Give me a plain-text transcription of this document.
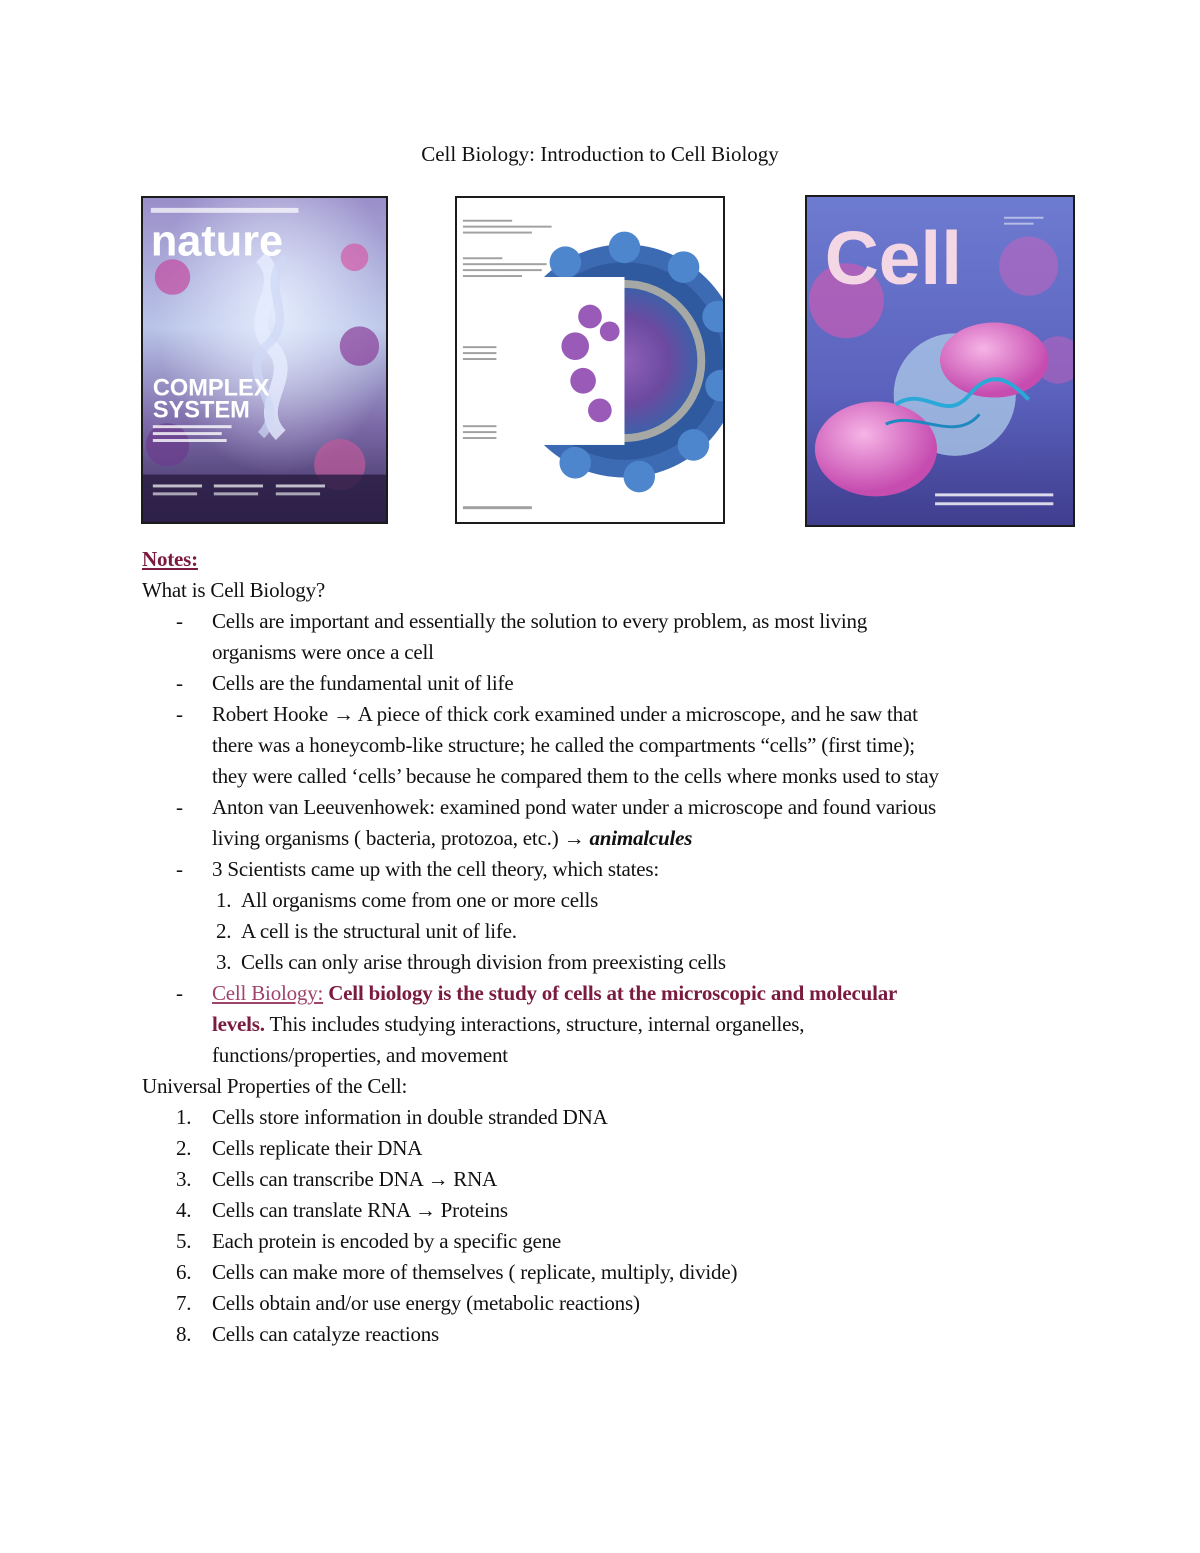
Cell Biology: Introduction to Cell Biology
nature
COMPLEX
SYSTEM
Cell
Notes:
What is Cell Biology?
- Cells are important and essentially the solution to every problem, as most living
organisms were once a cell
- Cells are the fundamental unit of life
- Robert Hooke → A piece of thick cork examined under a microscope, and he saw that
there was a honeycomb-like structure; he called the compartments “cells” (first time);
they were called ‘cells’ because he compared them to the cells where monks used to stay
- Anton van Leeuvenhowek: examined pond water under a microscope and found various
living organisms ( bacteria, protozoa, etc.) → animalcules
- 3 Scientists came up with the cell theory, which states:
1. All organisms come from one or more cells
2. A cell is the structural unit of life.
3. Cells can only arise through division from preexisting cells
- Cell Biology: Cell biology is the study of cells at the microscopic and molecular
levels. This includes studying interactions, structure, internal organelles,
functions/properties, and movement
Universal Properties of the Cell:
1. Cells store information in double stranded DNA
2. Cells replicate their DNA
3. Cells can transcribe DNA → RNA
4. Cells can translate RNA → Proteins
5. Each protein is encoded by a specific gene
6. Cells can make more of themselves ( replicate, multiply, divide)
7. Cells obtain and/or use energy (metabolic reactions)
8. Cells can catalyze reactions
